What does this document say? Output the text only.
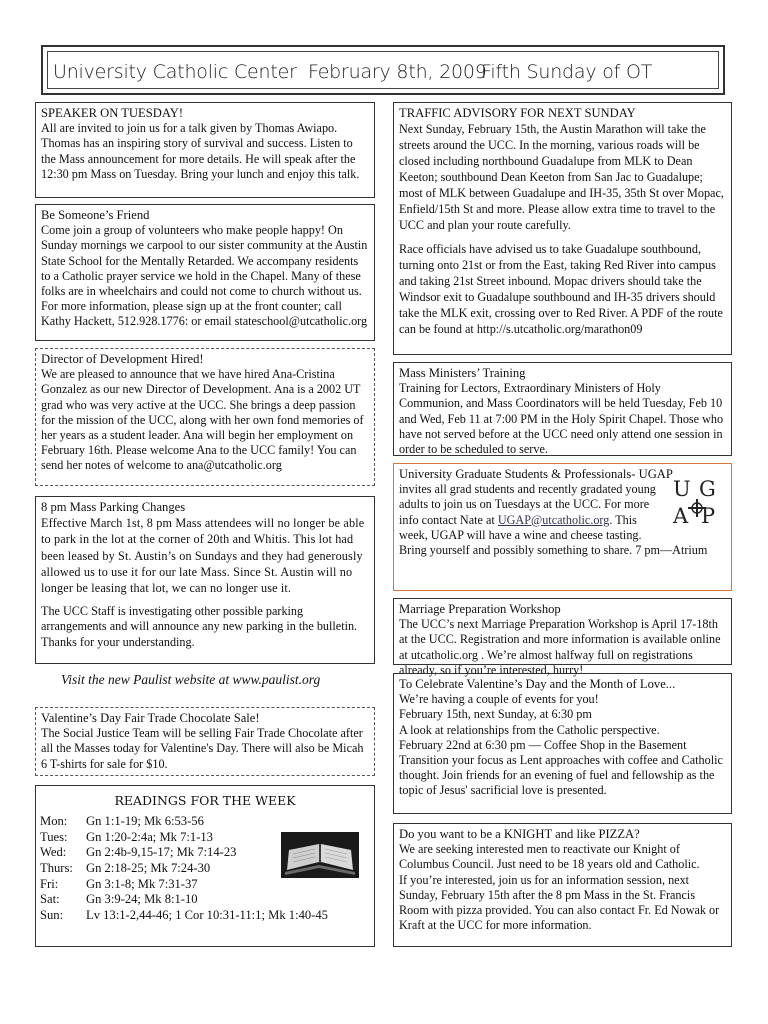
University Catholic Center February 8th, 2009
Fifth Sunday of OT
SPEAKER ON TUESDAY!

All are invited to join us for a talk given by Thomas Awiapo. Thomas has an inspiring story of survival and success. Listen to the Mass announcement for more details. He will speak after the 12:30 pm Mass on Tuesday. Bring your lunch and enjoy this talk.

Be Someone’s Friend

Come join a group of volunteers who make people happy! On Sunday mornings we carpool to our sister community at the Austin State School for the Mentally Retarded. We accompany residents to a Catholic prayer service we hold in the Chapel. Many of these folks are in wheelchairs and could not come to church without us. For more information, please sign up at the front counter; call Kathy Hackett, 512.928.1776: or email stateschool@utcatholic.org

Director of Development Hired!

We are pleased to announce that we have hired Ana-Cristina Gonzalez as our new Director of Development. Ana is a 2002 UT grad who was very active at the UCC. She brings a deep passion for the mission of the UCC, along with her own fond memories of her years as a student leader. Ana will begin her employment on February 16th. Please welcome Ana to the UCC family! You can send her notes of welcome to ana@utcatholic.org

8 pm Mass Parking Changes

Effective March 1st, 8 pm Mass attendees will no longer be able to park in the lot at the corner of 20th and Whitis. This lot had been leased by St. Austin’s on Sundays and they had generously allowed us to use it for our late Mass. Since St. Austin will no longer be leasing that lot, we can no longer use it.

The UCC Staff is investigating other possible parking arrangements and will announce any new parking in the bulletin. Thanks for your understanding.

Visit the new Paulist website at www.paulist.org
Valentine’s Day Fair Trade Chocolate Sale!

The Social Justice Team will be selling Fair Trade Chocolate after all the Masses today for Valentine's Day. There will also be Micah 6 T-shirts for sale for $10.

READINGS FOR THE WEEK
Mon:	Gn 1:1-19; Mk 6:53-56
Tues:	Gn 1:20-2:4a; Mk 7:1-13
Wed:	Gn 2:4b-9,15-17; Mk 7:14-23
Thurs:	Gn 2:18-25; Mk 7:24-30
Fri:	Gn 3:1-8; Mk 7:31-37
Sat:	Gn 3:9-24; Mk 8:1-10
Sun:	Lv 13:1-2,44-46; 1 Cor 10:31-11:1; Mk 1:40-45
TRAFFIC ADVISORY FOR NEXT SUNDAY

Next Sunday, February 15th, the Austin Marathon will take the streets around the UCC. In the morning, various roads will be closed including northbound Guadalupe from MLK to Dean Keeton; southbound Dean Keeton from San Jac to Guadalupe; most of MLK between Guadalupe and IH-35, 35th St over Mopac, Enfield/15th St and more. Please allow extra time to travel to the UCC and plan your route carefully.

Race officials have advised us to take Guadalupe southbound, turning onto 21st or from the East, taking Red River into campus and taking 21st Street inbound. Mopac drivers should take the Windsor exit to Guadalupe southbound and IH-35 drivers should take the MLK exit, crossing over to Red River. A PDF of the route can be found at http://s.utcatholic.org/marathon09

Mass Ministers’ Training

Training for Lectors, Extraordinary Ministers of Holy Communion, and Mass Coordinators will be held Tuesday, Feb 10 and Wed, Feb 11 at 7:00 PM in the Holy Spirit Chapel. Those who have not served before at the UCC need only attend one session in order to be scheduled to serve.

University Graduate Students & Professionals- UGAP

invites all grad students and recently gradated young

adults to join us on Tuesdays at the UCC. For more

info contact Nate at UGAP@utcatholic.org. This

week, UGAP will have a wine and cheese tasting.

Bring yourself and possibly something to share. 7 pm—Atrium

U G
A P
Marriage Preparation Workshop

The UCC’s next Marriage Preparation Workshop is April 17-18th at the UCC. Registration and more information is available online at utcatholic.org . We’re almost halfway full on registrations already, so if you’re interested, hurry!

To Celebrate Valentine’s Day and the Month of Love...

We’re having a couple of events for you!

February 15th, next Sunday, at 6:30 pm

A look at relationships from the Catholic perspective.

February 22nd at 6:30 pm — Coffee Shop in the Basement

Transition your focus as Lent approaches with coffee and Catholic thought. Join friends for an evening of fuel and fellowship as the topic of Jesus' sacrificial love is presented.

Do you want to be a KNIGHT and like PIZZA?

We are seeking interested men to reactivate our Knight of Columbus Council. Just need to be 18 years old and Catholic.

If you’re interested, join us for an information session, next Sunday, February 15th after the 8 pm Mass in the St. Francis Room with pizza provided. You can also contact Fr. Ed Nowak or Kraft at the UCC for more information.
